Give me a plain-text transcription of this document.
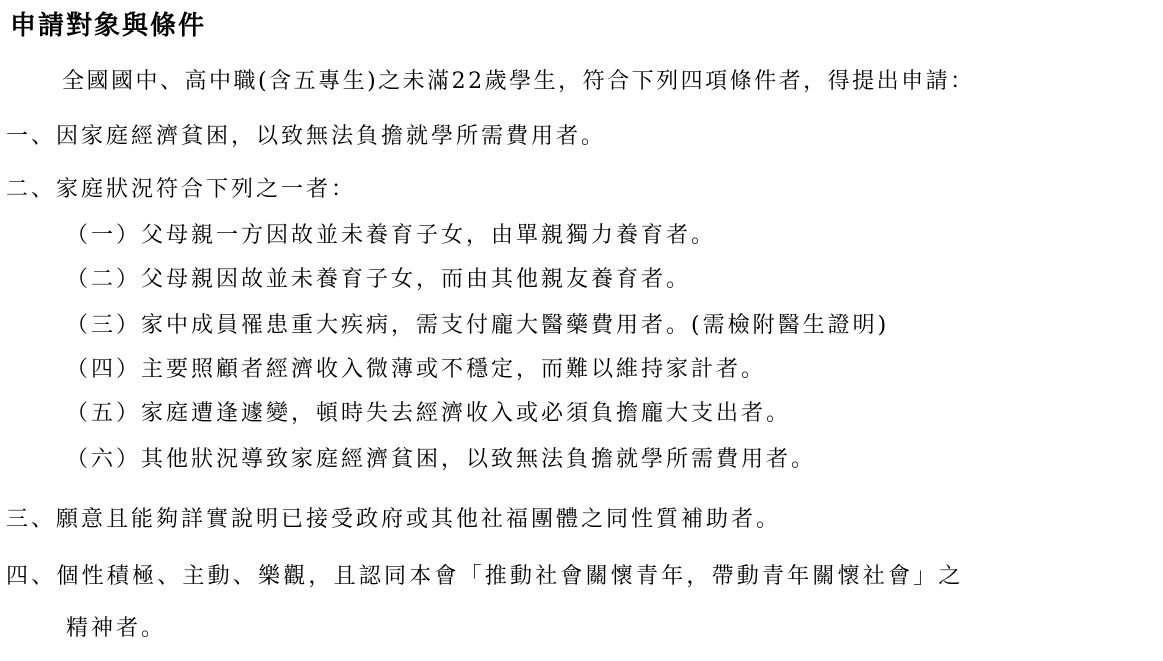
申請對象與條件
全國國中、高中職(含五專生)之未滿22歲學生，符合下列四項條件者，得提出申請：
一、因家庭經濟貧困，以致無法負擔就學所需費用者。
二、家庭狀況符合下列之一者：
（一）父母親一方因故並未養育子女，由單親獨力養育者。
（二）父母親因故並未養育子女，而由其他親友養育者。
（三）家中成員罹患重大疾病，需支付龐大醫藥費用者。(需檢附醫生證明)
（四）主要照顧者經濟收入微薄或不穩定，而難以維持家計者。
（五）家庭遭逢遽變，頓時失去經濟收入或必須負擔龐大支出者。
（六）其他狀況導致家庭經濟貧困，以致無法負擔就學所需費用者。
三、願意且能夠詳實說明已接受政府或其他社福團體之同性質補助者。
四、個性積極、主動、樂觀，且認同本會「推動社會關懷青年，帶動青年關懷社會」之
精神者。
